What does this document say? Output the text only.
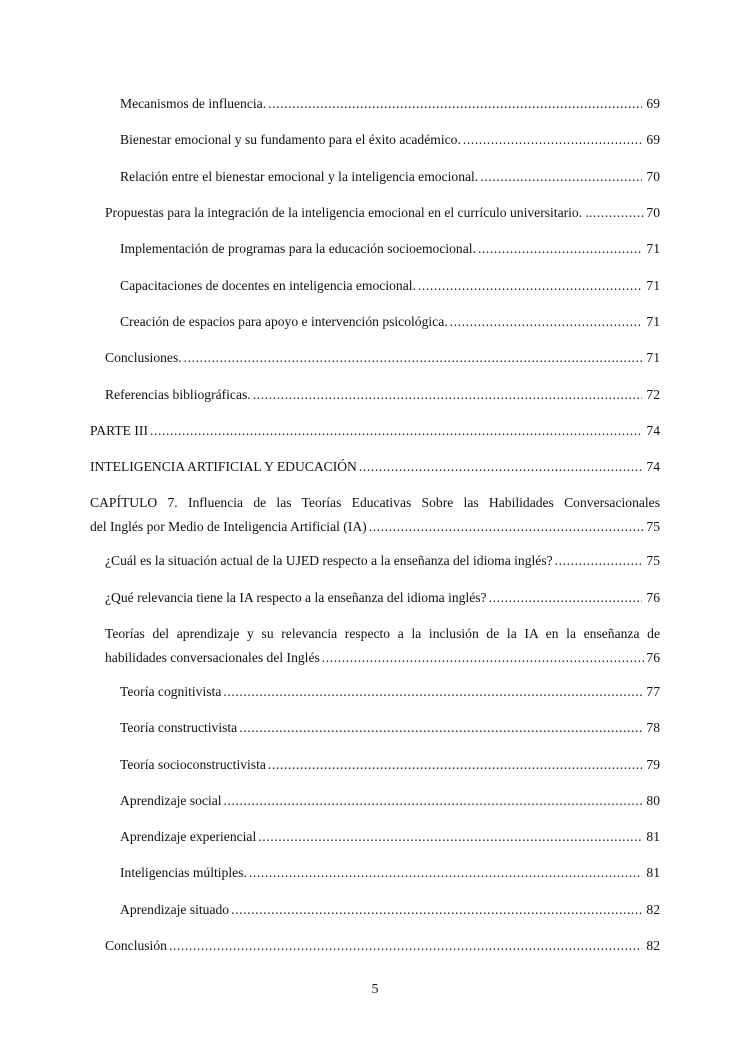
Mecanismos de influencia. .....	69
Bienestar emocional y su fundamento para el éxito académico. .....	69
Relación entre el bienestar emocional y la inteligencia emocional. .....	70
Propuestas para la integración de la inteligencia emocional en el currículo universitario. . .....	70
Implementación de programas para la educación socioemocional. .....	71
Capacitaciones de docentes en inteligencia emocional. .....	71
Creación de espacios para apoyo e intervención psicológica. .....	71
Conclusiones. .....	71
Referencias bibliográficas. .....	72
PARTE III .....	74
INTELIGENCIA ARTIFICIAL Y EDUCACIÓN .....	74
CAPÍTULO 7. Influencia de las Teorías Educativas Sobre las Habilidades Conversacionales
del Inglés por Medio de Inteligencia Artificial (IA) .....	75
¿Cuál es la situación actual de la UJED respecto a la enseñanza del idioma inglés? .....	75
¿Qué relevancia tiene la IA respecto a la enseñanza del idioma inglés? .....	76
Teorías del aprendizaje y su relevancia respecto a la inclusión de la IA en la enseñanza de
habilidades conversacionales del Inglés .....	76
Teoría cognitivista .....	77
Teoría constructivista .....	78
Teoría socioconstructivista .....	79
Aprendizaje social .....	80
Aprendizaje experiencial .....	81
Inteligencias múltiples. .....	81
Aprendizaje situado .....	82
Conclusión .....	82
5
